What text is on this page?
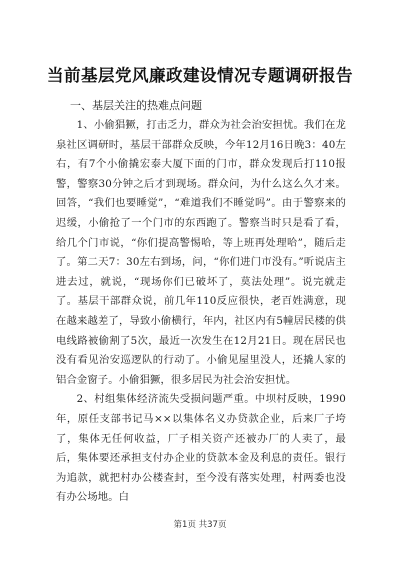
当前基层党风廉政建设情况专题调研报告
一、基层关注的热难点问题

1、小偷猖獗，打击乏力，群众为社会治安担忧。我们在龙泉社区调研时，基层干部群众反映，今年12月16日晚3：40左右，有7个小偷撬宏泰大厦下面的门市，群众发现后打110报警，警察30分钟之后才到现场。群众问，为什么这么久才来。回答，“我们也要睡觉”，“难道我们不睡觉吗”。由于警察来的迟缓，小偷抢了一个门市的东西跑了。警察当时只是看了看，给几个门市说，“你们提高警惕哈，等上班再处理哈”，随后走了。第二天7：30左右到场，问，“你们进门市没有。”听说店主进去过，就说，“现场你们已破坏了，莫法处理”。说完就走了。基层干部群众说，前几年110反应很快，老百姓满意，现在越来越差了，导致小偷横行，年内，社区内有5幢居民楼的供电线路被偷割了5次，最近一次发生在12月21日。现在居民也没有看见治安巡逻队的行动了。小偷见屋里没人，还撬人家的铝合金窗子。小偷猖獗，很多居民为社会治安担忧。

2、村组集体经济流失受损问题严重。中坝村反映，1990年，原任支部书记马××以集体名义办贷款企业，后来厂子垮了，集体无任何收益，厂子相关资产还被办厂的人卖了，最后，集体要还承担支付办企业的贷款本金及利息的责任。银行为追款，就把村办公楼查封，至今没有落实处理，村两委也没有办公场地。白

第1页 共37页
